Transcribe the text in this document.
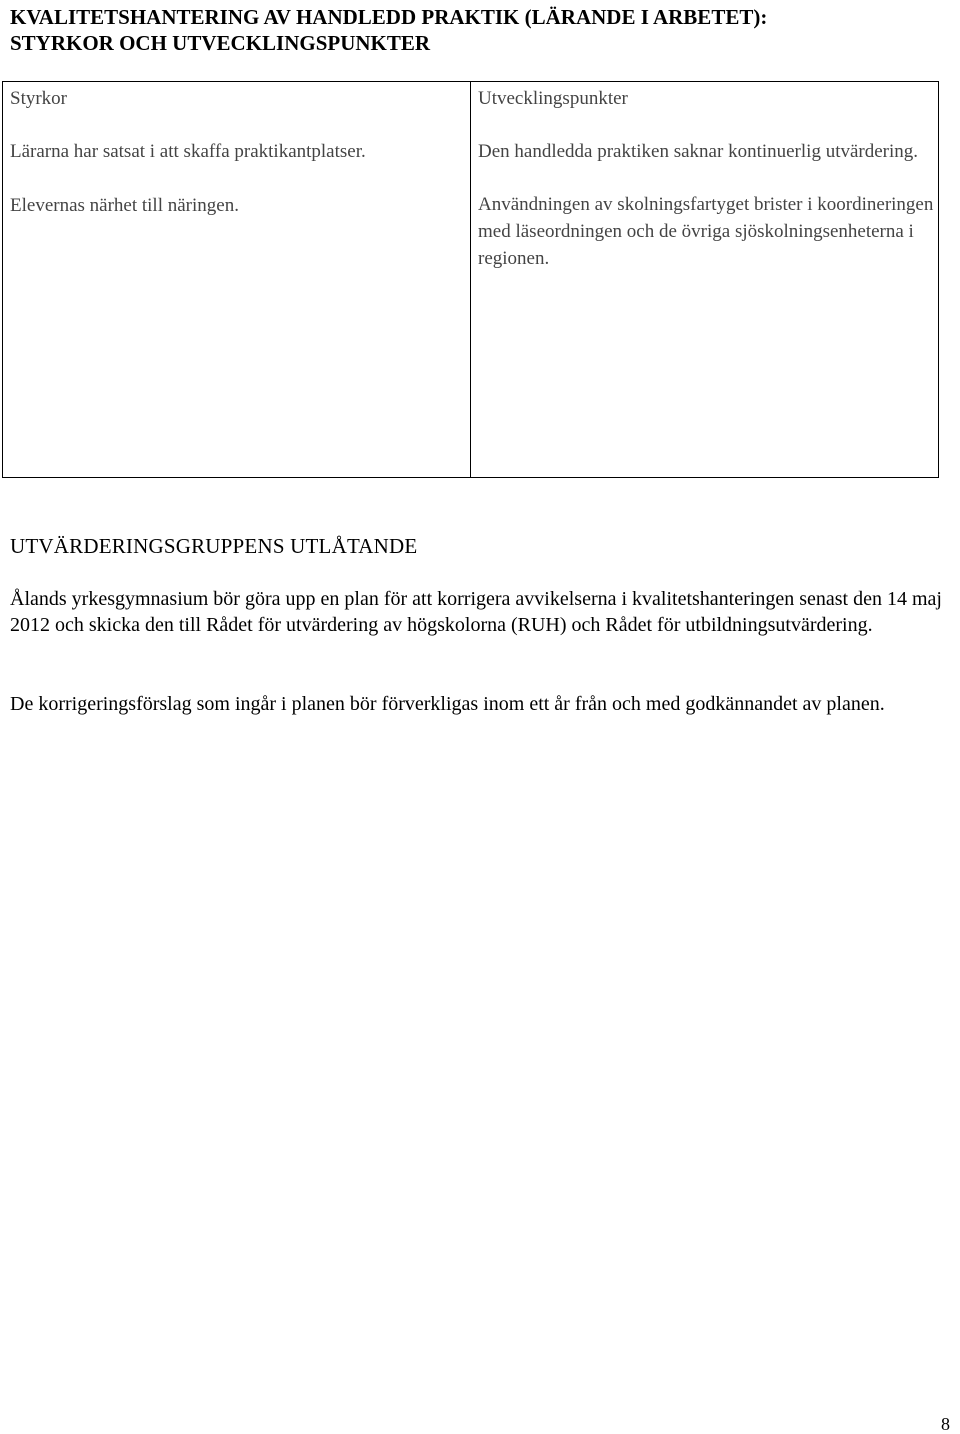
KVALITETSHANTERING AV HANDLEDD PRAKTIK (LÄRANDE I ARBETET):
STYRKOR OCH UTVECKLINGSPUNKTER

Styrkor

Lärarna har satsat i att skaffa praktikantplatser.

Elevernas närhet till näringen.

Utvecklingspunkter

Den handledda praktiken saknar kontinuerlig utvärdering.

Användningen av skolningsfartyget brister i koordineringen med läseordningen och de övriga sjöskolningsenheterna i regionen.

UTVÄRDERINGSGRUPPENS UTLÅTANDE

Ålands yrkesgymnasium bör göra upp en plan för att korrigera avvikelserna i kvalitetshanteringen senast den 14 maj 2012 och skicka den till Rådet för utvärdering av högskolorna (RUH) och Rådet för utbildningsutvärdering.

De korrigeringsförslag som ingår i planen bör förverkligas inom ett år från och med godkännandet av planen.

8
